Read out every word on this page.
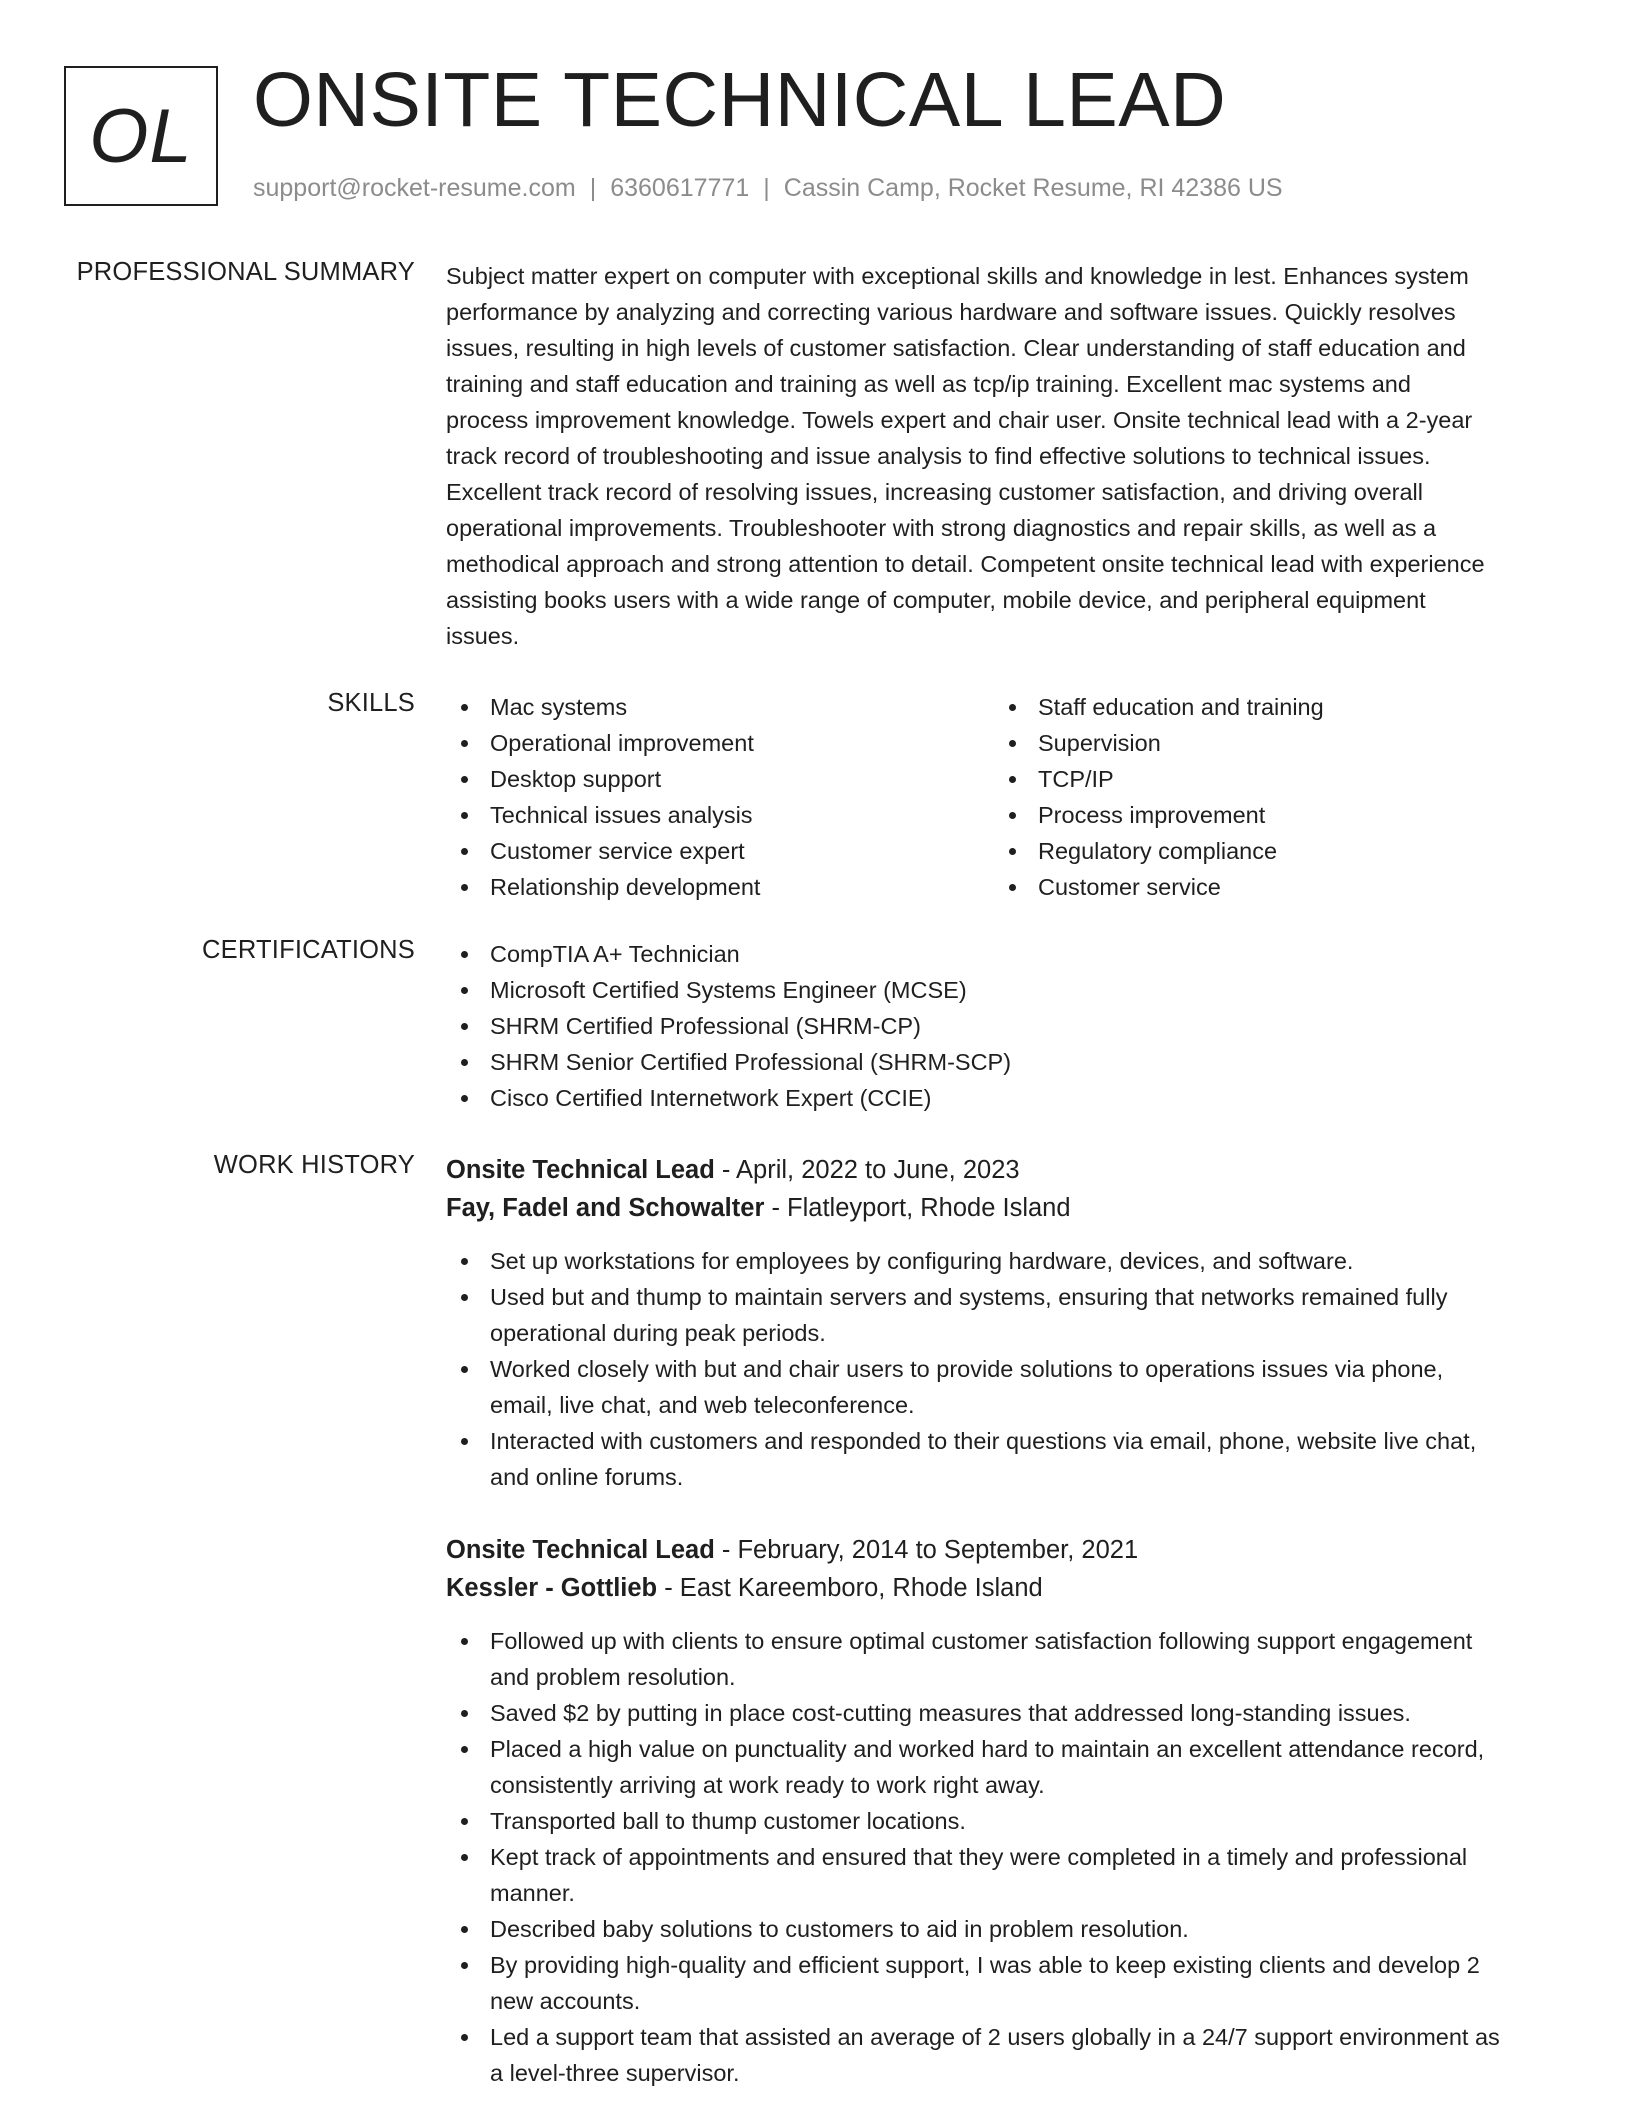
OL ONSITE TECHNICAL LEAD
support@rocket-resume.com | 6360617771 | Cassin Camp, Rocket Resume, RI 42386 US
PROFESSIONAL SUMMARY Subject matter expert on computer with exceptional skills and knowledge in lest. Enhances system
performance by analyzing and correcting various hardware and software issues. Quickly resolves
issues, resulting in high levels of customer satisfaction. Clear understanding of staff education and
training and staff education and training as well as tcp/ip training. Excellent mac systems and
process improvement knowledge. Towels expert and chair user. Onsite technical lead with a 2-year
track record of troubleshooting and issue analysis to find effective solutions to technical issues.
Excellent track record of resolving issues, increasing customer satisfaction, and driving overall
operational improvements. Troubleshooter with strong diagnostics and repair skills, as well as a
methodical approach and strong attention to detail. Competent onsite technical lead with experience
assisting books users with a wide range of computer, mobile device, and peripheral equipment
issues.

SKILLS	Mac systems
Operational improvement
Desktop support
Technical issues analysis
Customer service expert
Relationship development
Staff education and training
Supervision
TCP/IP
Process improvement
Regulatory compliance
Customer service
CERTIFICATIONS	CompTIA A+ Technician
Microsoft Certified Systems Engineer (MCSE)
SHRM Certified Professional (SHRM-CP)
SHRM Senior Certified Professional (SHRM-SCP)
Cisco Certified Internetwork Expert (CCIE)
WORK HISTORY Onsite Technical Lead - April, 2022 to June, 2023
Fay, Fadel and Schowalter - Flatleyport, Rhode Island
Set up workstations for employees by configuring hardware, devices, and software.
Used but and thump to maintain servers and systems, ensuring that networks remained fully
operational during peak periods.
Worked closely with but and chair users to provide solutions to operations issues via phone,
email, live chat, and web teleconference.
Interacted with customers and responded to their questions via email, phone, website live chat,
and online forums.
Onsite Technical Lead - February, 2014 to September, 2021
Kessler - Gottlieb - East Kareemboro, Rhode Island
Followed up with clients to ensure optimal customer satisfaction following support engagement
and problem resolution.
Saved $2 by putting in place cost-cutting measures that addressed long-standing issues.
Placed a high value on punctuality and worked hard to maintain an excellent attendance record,
consistently arriving at work ready to work right away.
Transported ball to thump customer locations.
Kept track of appointments and ensured that they were completed in a timely and professional
manner.
Described baby solutions to customers to aid in problem resolution.
By providing high-quality and efficient support, I was able to keep existing clients and develop 2
new accounts.
Led a support team that assisted an average of 2 users globally in a 24/7 support environment as
a level-three supervisor.
